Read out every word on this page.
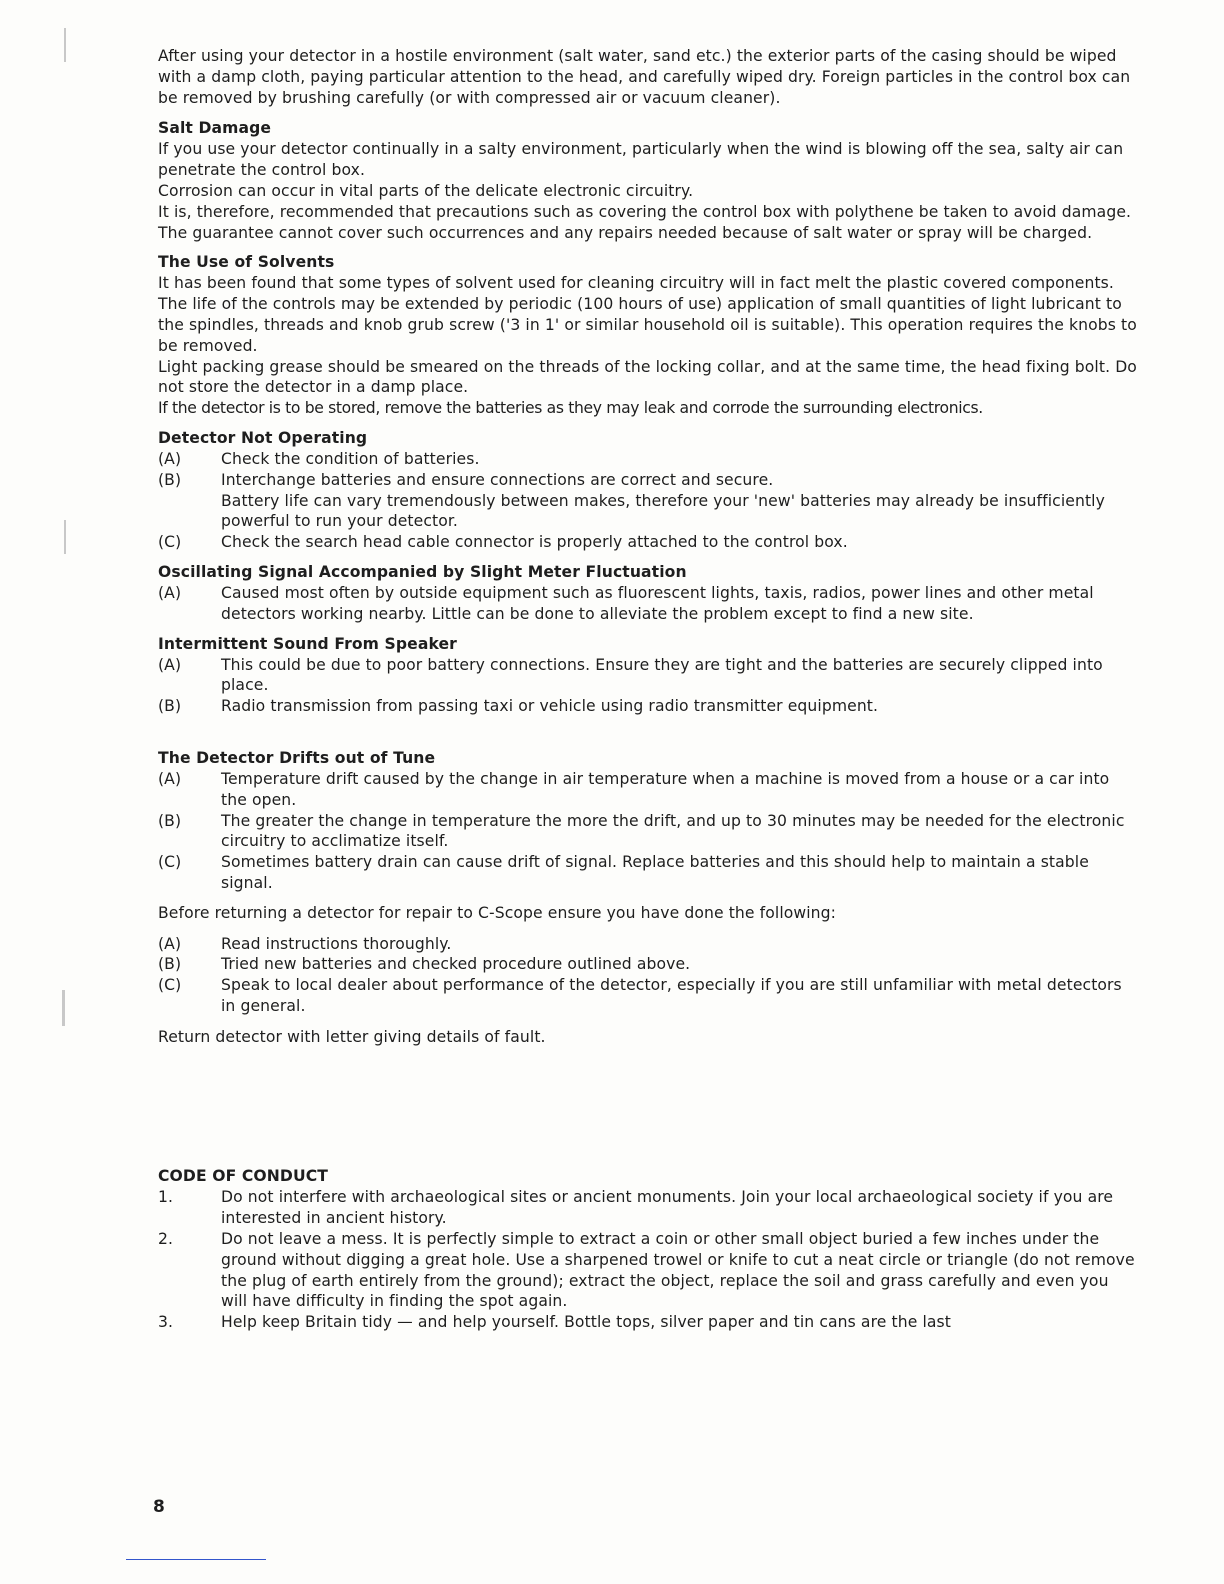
After using your detector in a hostile environment (salt water, sand etc.) the exterior parts of the casing should be wiped with a damp cloth, paying particular attention to the head, and carefully wiped dry. Foreign particles in the control box can be removed by brushing carefully (or with compressed air or vacuum cleaner).

Salt Damage

If you use your detector continually in a salty environment, particularly when the wind is blowing off the sea, salty air can penetrate the control box.

Corrosion can occur in vital parts of the delicate electronic circuitry.

It is, therefore, recommended that precautions such as covering the control box with polythene be taken to avoid damage.

The guarantee cannot cover such occurrences and any repairs needed because of salt water or spray will be charged.

The Use of Solvents

It has been found that some types of solvent used for cleaning circuitry will in fact melt the plastic covered components.

The life of the controls may be extended by periodic (100 hours of use) application of small quantities of light lubricant to the spindles, threads and knob grub screw ('3 in 1' or similar household oil is suitable). This operation requires the knobs to be removed.

Light packing grease should be smeared on the threads of the locking collar, and at the same time, the head fixing bolt. Do not store the detector in a damp place.

If the detector is to be stored, remove the batteries as they may leak and corrode the surrounding electronics.

Detector Not Operating
(A)	Check the condition of batteries.
(B)	Interchange batteries and ensure connections are correct and secure.
Battery life can vary tremendously between makes, therefore your 'new' batteries may already be insufficiently powerful to run your detector.
(C)	Check the search head cable connector is properly attached to the control box.
Oscillating Signal Accompanied by Slight Meter Fluctuation
(A)	Caused most often by outside equipment such as fluorescent lights, taxis, radios, power lines and other metal detectors working nearby. Little can be done to alleviate the problem except to find a new site.
Intermittent Sound From Speaker
(A)	This could be due to poor battery connections. Ensure they are tight and the batteries are securely clipped into place.
(B)	Radio transmission from passing taxi or vehicle using radio transmitter equipment.
The Detector Drifts out of Tune
(A)	Temperature drift caused by the change in air temperature when a machine is moved from a house or a car into the open.
(B)	The greater the change in temperature the more the drift, and up to 30 minutes may be needed for the electronic circuitry to acclimatize itself.
(C)	Sometimes battery drain can cause drift of signal. Replace batteries and this should help to maintain a stable signal.

Before returning a detector for repair to C-Scope ensure you have done the following:

(A)	Read instructions thoroughly.
(B)	Tried new batteries and checked procedure outlined above.
(C)	Speak to local dealer about performance of the detector, especially if you are still unfamiliar with metal detectors in general.

Return detector with letter giving details of fault.

CODE OF CONDUCT
1.	Do not interfere with archaeological sites or ancient monuments. Join your local archaeological society if you are interested in ancient history.
2.	Do not leave a mess. It is perfectly simple to extract a coin or other small object buried a few inches under the ground without digging a great hole. Use a sharpened trowel or knife to cut a neat circle or triangle (do not remove the plug of earth entirely from the ground); extract the object, replace the soil and grass carefully and even you will have difficulty in finding the spot again.
3.	Help keep Britain tidy — and help yourself. Bottle tops, silver paper and tin cans are the last
8
